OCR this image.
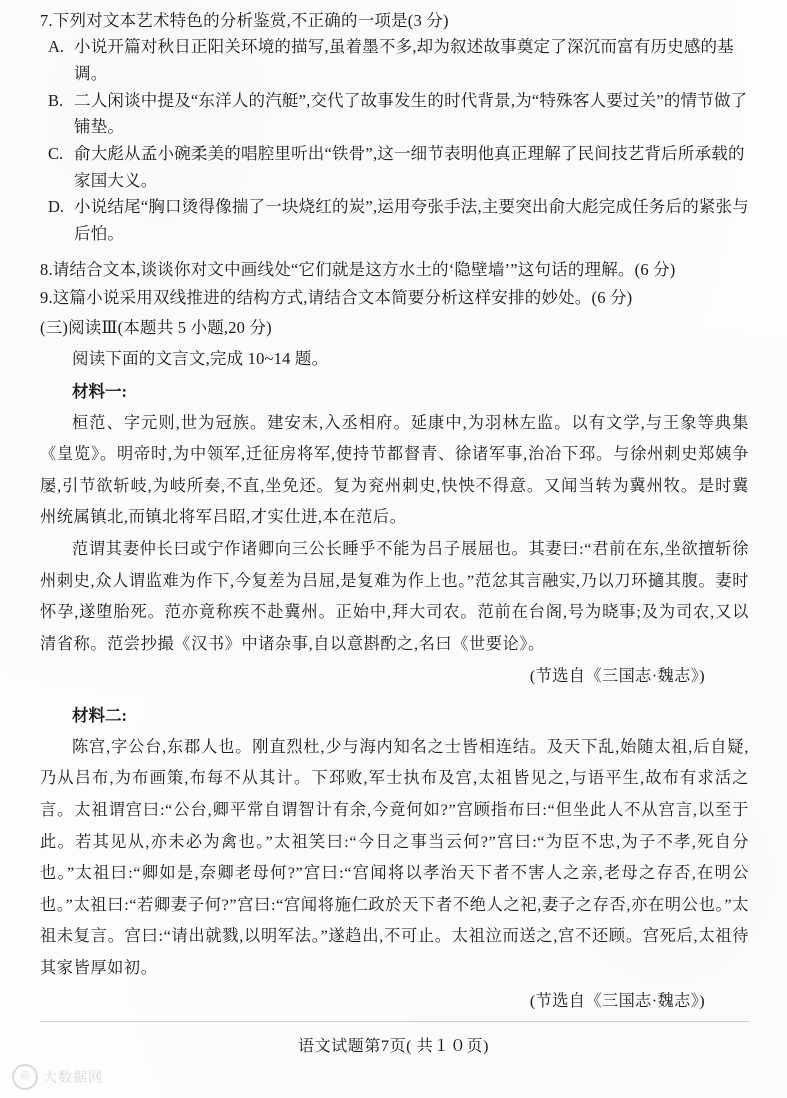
7.下列对文本艺术特色的分析鉴赏,不正确的一项是(3 分)
A. 小说开篇对秋日正阳关环境的描写,虽着墨不多,却为叙述故事奠定了深沉而富有历史感的基调。
B. 二人闲谈中提及“东洋人的汽艇”,交代了故事发生的时代背景,为“特殊客人要过关”的情节做了铺垫。
C. 俞大彪从孟小碗柔美的唱腔里听出“铁骨”,这一细节表明他真正理解了民间技艺背后所承载的家国大义。
D. 小说结尾“胸口烫得像揣了一块烧红的炭”,运用夸张手法,主要突出俞大彪完成任务后的紧张与后怕。
8.请结合文本,谈谈你对文中画线处“它们就是这方水土的‘隐壁墙’”这句话的理解。(6 分)
9.这篇小说采用双线推进的结构方式,请结合文本简要分析这样安排的妙处。(6 分)
(三)阅读Ⅲ(本题共 5 小题,20 分)
阅读下面的文言文,完成 10~14 题。
材料一:
桓范、字元则,世为冠族。建安末,入丞相府。延康中,为羽林左监。以有文学,与王象等典集《皇览》。明帝时,为中领军,迁征房将军,使持节都督青、徐诸军事,治冶下邳。与徐州刺史郑姨争屡,引节欲斩岐,为岐所奏,不直,坐免还。复为兖州刺史,快怏不得意。又闻当转为冀州牧。是时冀州统属镇北,而镇北将军吕昭,才实仕进,本在范后。
范谓其妻仲长曰或宁作诸卿向三公长睡乎不能为吕子展屈也。其妻曰:“君前在东,坐欲擅斩徐州刺史,众人谓监难为作下,今复差为吕屈,是复难为作上也。”范忿其言融实,乃以刀环擿其腹。妻时怀孕,遂堕胎死。范亦竟称疾不赴冀州。正始中,拜大司农。范前在台阁,号为晓事;及为司农,又以清省称。范尝抄撮《汉书》中诸杂事,自以意斟酌之,名曰《世要论》。
(节选自《三国志·魏志》)
材料二:
陈宫,字公台,东郡人也。刚直烈杜,少与海内知名之士皆相连结。及天下乱,始随太祖,后自疑,乃从吕布,为布画策,布每不从其计。下邳败,军士执布及宫,太祖皆见之,与语平生,故布有求活之言。太祖谓宫曰:“公台,卿平常自谓智计有余,今竟何如?”宫顾指布曰:“但坐此人不从宫言,以至于此。若其见从,亦未必为禽也。”太祖笑曰:“今日之事当云何?”宫曰:“为臣不忠,为子不孝,死自分也。”太祖曰:“卿如是,奈卿老母何?”宫曰:“宫闻将以孝治天下者不害人之亲,老母之存否,在明公也。”太祖曰:“若卿妻子何?”宫曰:“宫闻将施仁政於天下者不绝人之祀,妻子之存否,亦在明公也。”太祖未复言。宫曰:“请出就戮,以明军法。”遂趋出,不可止。太祖泣而送之,宫不还顾。宫死后,太祖待其家皆厚如初。
(节选自《三国志·魏志》)
语文试题第7页( 共１０页)
◎ 大数据网
